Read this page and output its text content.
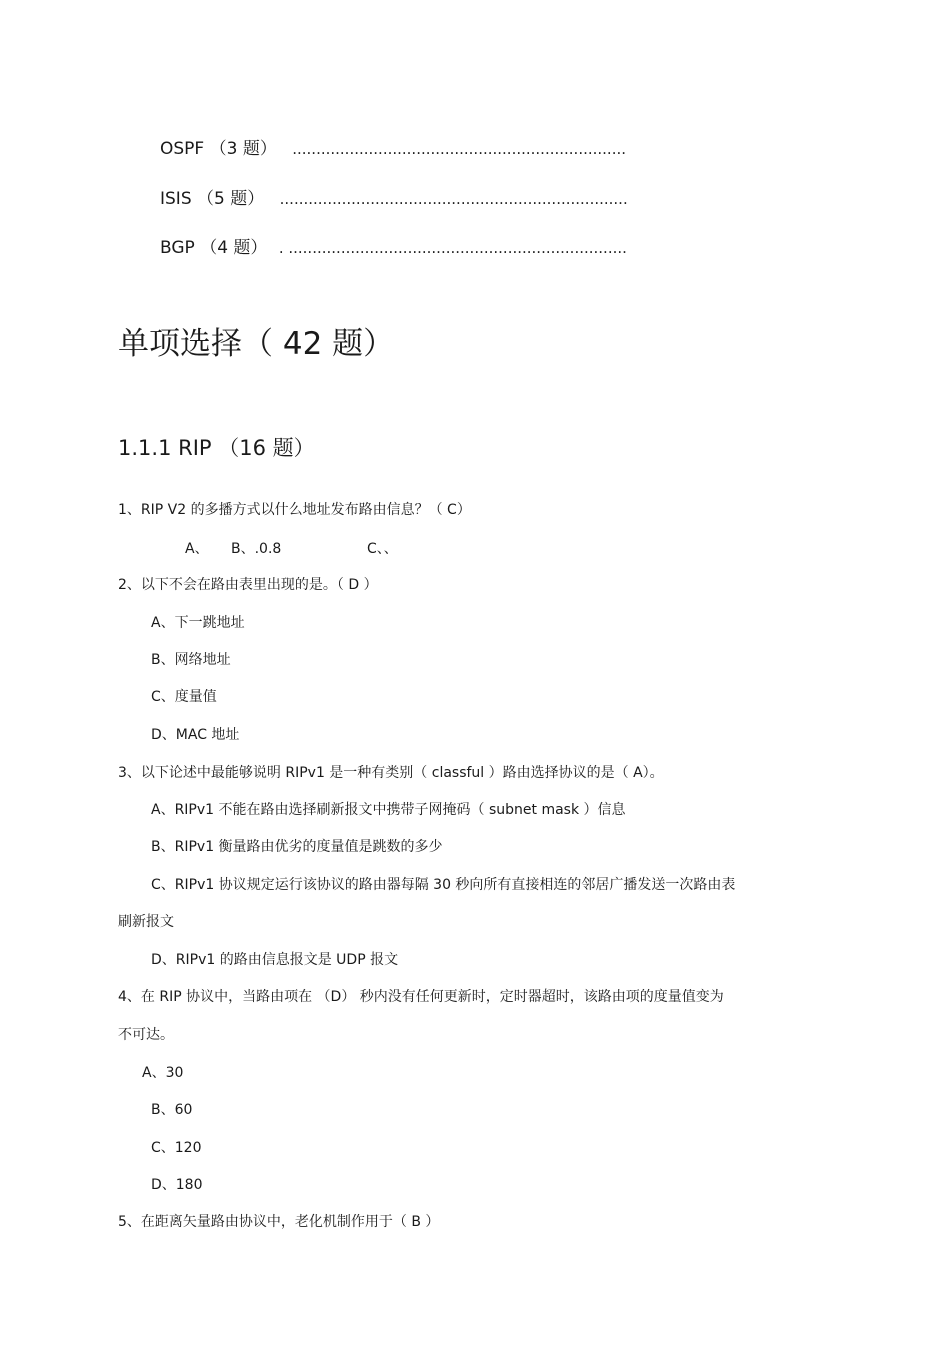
OSPF （3 题） ......................................................................
ISIS （5 题） .........................................................................
BGP （4 题） . .......................................................................
单项选择（ 42 题）
1.1.1 RIP （16 题）
1、RIP V2 的多播方式以什么地址发布路由信息？（ C）
A、 B、.0.8	C、、
2、以下不会在路由表里出现的是。（ D ）
A、下一跳地址
B、网络地址
C、度量值
D、MAC 地址
3、以下论述中最能够说明 RIPv1 是一种有类别（ classful ）路由选择协议的是（ A）。
A、RIPv1 不能在路由选择刷新报文中携带子网掩码（ subnet mask ）信息
B、RIPv1 衡量路由优劣的度量值是跳数的多少
C、RIPv1 协议规定运行该协议的路由器每隔 30 秒向所有直接相连的邻居广播发送一次路由表
刷新报文
D、RIPv1 的路由信息报文是 UDP 报文
4、在 RIP 协议中，当路由项在 （D） 秒内没有任何更新时，定时器超时，该路由项的度量值变为
不可达。
A、30
B、60
C、120
D、180
5、在距离矢量路由协议中，老化机制作用于（ B ）
